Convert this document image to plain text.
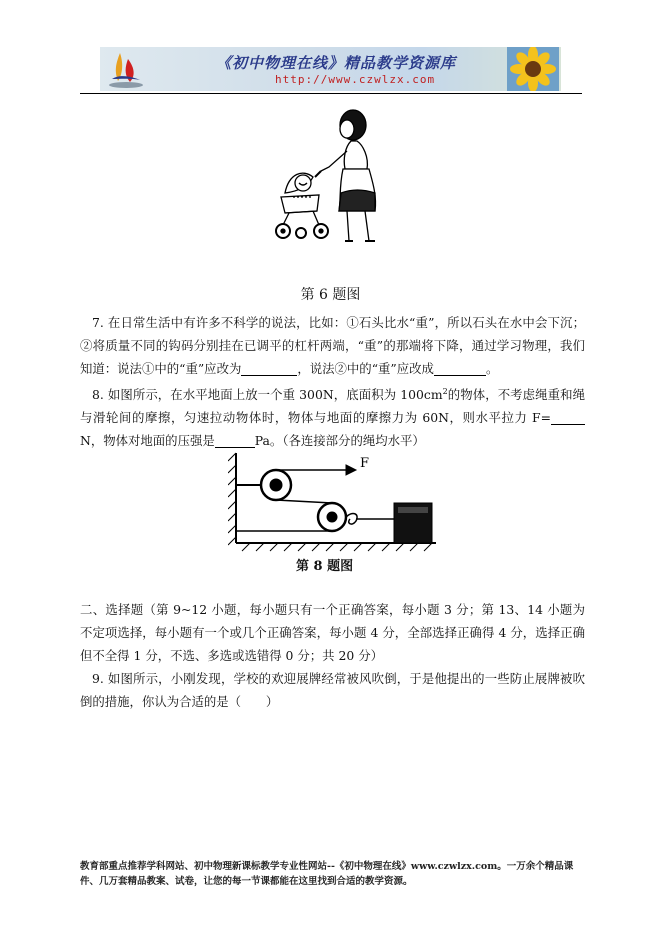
《初中物理在线》精品教学资源库
http://www.czwlzx.com
第 6 题图
7. 在日常生活中有许多不科学的说法，比如：①石头比水“重”，所以石头在水中会下沉；②将质量不同的钩码分别挂在已调平的杠杆两端，“重”的那端将下降，通过学习物理，我们知道：说法①中的“重”应改为	，说法②中的“重”应改成	。
8. 如图所示，在水平地面上放一个重 300N，底面积为 $100cm^2$的物体，不考虑绳重和绳与滑轮间的摩擦，匀速拉动物体时，物体与地面的摩擦力为 60N，则水平拉力 F=N，物体对地面的压强是	Pa。（各连接部分的绳均水平）
F
第 8 题图
二、选择题（第 9~12 小题，每小题只有一个正确答案，每小题 3 分；第 13、14 小题为不定项选择，每小题有一个或几个正确答案，每小题 4 分，全部选择正确得 4 分，选择正确但不全得 1 分，不选、多选或选错得 0 分；共 20 分）
9. 如图所示，小刚发现，学校的欢迎展牌经常被风吹倒，于是他提出的一些防止展牌被吹倒的措施，你认为合适的是（　　）
教育部重点推荐学科网站、初中物理新课标教学专业性网站--《初中物理在线》www.czwlzx.com。一万余个精品课件、几万套精品教案、试卷，让您的每一节课都能在这里找到合适的教学资源。
